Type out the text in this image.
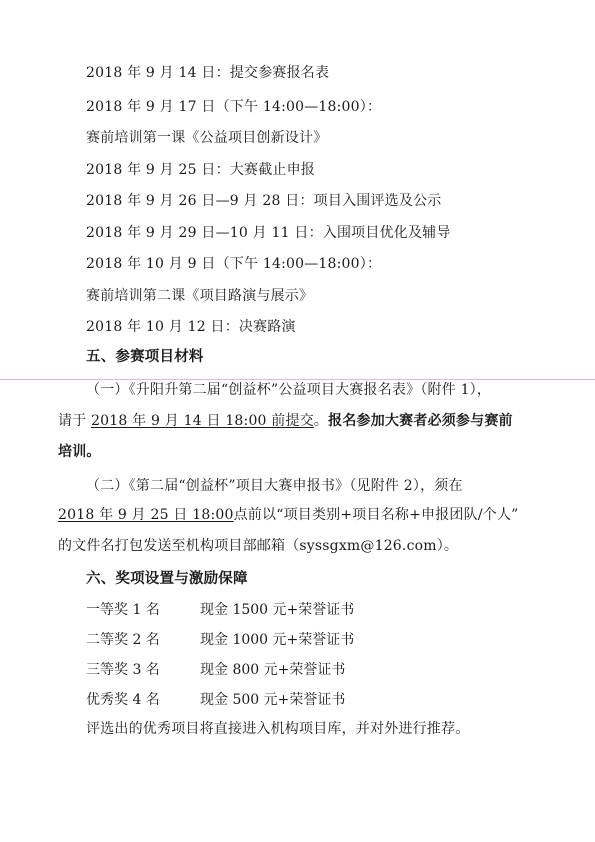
2018 年 9 月 14 日：提交参赛报名表
2018 年 9 月 17 日（下午 14:00—18:00）：
赛前培训第一课《公益项目创新设计》
2018 年 9 月 25 日：大赛截止申报
2018 年 9 月 26 日—9 月 28 日：项目入围评选及公示
2018 年 9 月 29 日—10 月 11 日：入围项目优化及辅导
2018 年 10 月 9 日（下午 14:00—18:00）：
赛前培训第二课《项目路演与展示》
2018 年 10 月 12 日：决赛路演
五、参赛项目材料
（一）《升阳升第二届“创益杯”公益项目大赛报名表》（附件 1），
请于 2018 年 9 月 14 日 18:00 前提交。报名参加大赛者必须参与赛前
培训。
（二）《第二届“创益杯”项目大赛申报书》（见附件 2），须在
2018 年 9 月 25 日 18:00点前以“项目类别+项目名称+申报团队/个人”
的文件名打包发送至机构项目部邮箱（syssgxm@126.com）。
六、奖项设置与激励保障
一等奖 1 名	现金 1500 元+荣誉证书
二等奖 2 名	现金 1000 元+荣誉证书
三等奖 3 名	现金 800 元+荣誉证书
优秀奖 4 名	现金 500 元+荣誉证书
评选出的优秀项目将直接进入机构项目库，并对外进行推荐。
